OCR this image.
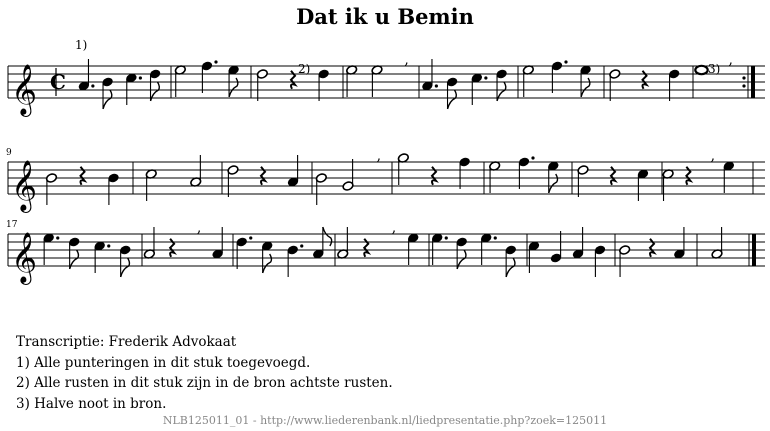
Dat ik u Bemin
𝄞 C
,	,
𝄞
9	,	,
𝄞
17	,	,
1)
2)	3)
Transcriptie: Frederik Advokaat
1) Alle punteringen in dit stuk toegevoegd.
2) Alle rusten in dit stuk zijn in de bron achtste rusten.
3) Halve noot in bron.
NLB125011_01 - http://www.liederenbank.nl/liedpresentatie.php?zoek=125011
